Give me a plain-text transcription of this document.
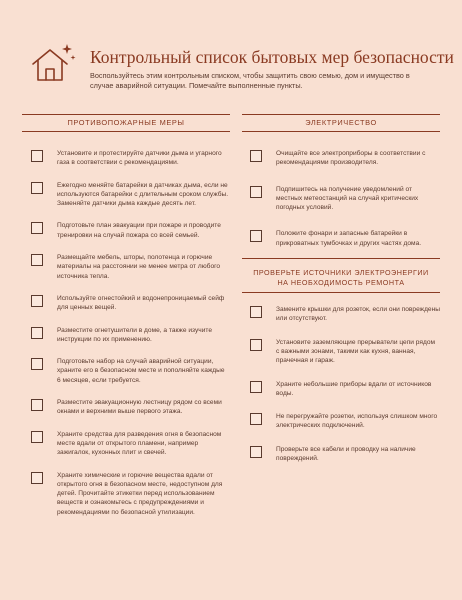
Контрольный список бытовых мер безопасности
Воспользуйтесь этим контрольным списком, чтобы защитить свою семью, дом и имущество в случае аварийной ситуации. Помечайте выполненные пункты.
ПРОТИВОПОЖАРНЫЕ МЕРЫ
Установите и протестируйте датчики дыма и угарного газа в соответствии с рекомендациями.
Ежегодно меняйте батарейки в датчиках дыма, если не используются батарейки с длительным сроком службы. Заменяйте датчики дыма каждые десять лет.
Подготовьте план эвакуации при пожаре и проводите тренировки на случай пожара со всей семьей.
Размещайте мебель, шторы, полотенца и горючие материалы на расстоянии не менее метра от любого источника тепла.
Используйте огнестойкий и водонепроницаемый сейф для ценных вещей.
Разместите огнетушители в доме, а также изучите инструкции по их применению.
Подготовьте набор на случай аварийной ситуации, храните его в безопасном месте и пополняйте каждые 6 месяцев, если требуется.
Разместите эвакуационную лестницу рядом со всеми окнами и верхними выше первого этажа.
Храните средства для разведения огня в безопасном месте вдали от открытого пламени, например зажигалок, кухонных плит и свечей.
Храните химические и горючие вещества вдали от открытого огня в безопасном месте, недоступном для детей. Прочитайте этикетки перед использованием веществ и ознакомьтесь с предупреждениями и рекомендациями по безопасной утилизации.
ЭЛЕКТРИЧЕСТВО
Очищайте все электроприборы в соответствии с рекомендациями производителя.
Подпишитесь на получение уведомлений от местных метеостанций на случай критических погодных условий.
Положите фонари и запасные батарейки в прикроватных тумбочках и других частях дома.
ПРОВЕРЬТЕ ИСТОЧНИКИ ЭЛЕКТРОЭНЕРГИИ НА НЕОБХОДИМОСТЬ РЕМОНТА
Замените крышки для розеток, если они повреждены или отсутствуют.
Установите заземляющие прерыватели цепи рядом с важными зонами, такими как кухня, ванная, прачечная и гараж.
Храните небольшие приборы вдали от источников воды.
Не перегружайте розетки, используя слишком много электрических подключений.
Проверьте все кабели и проводку на наличие повреждений.
